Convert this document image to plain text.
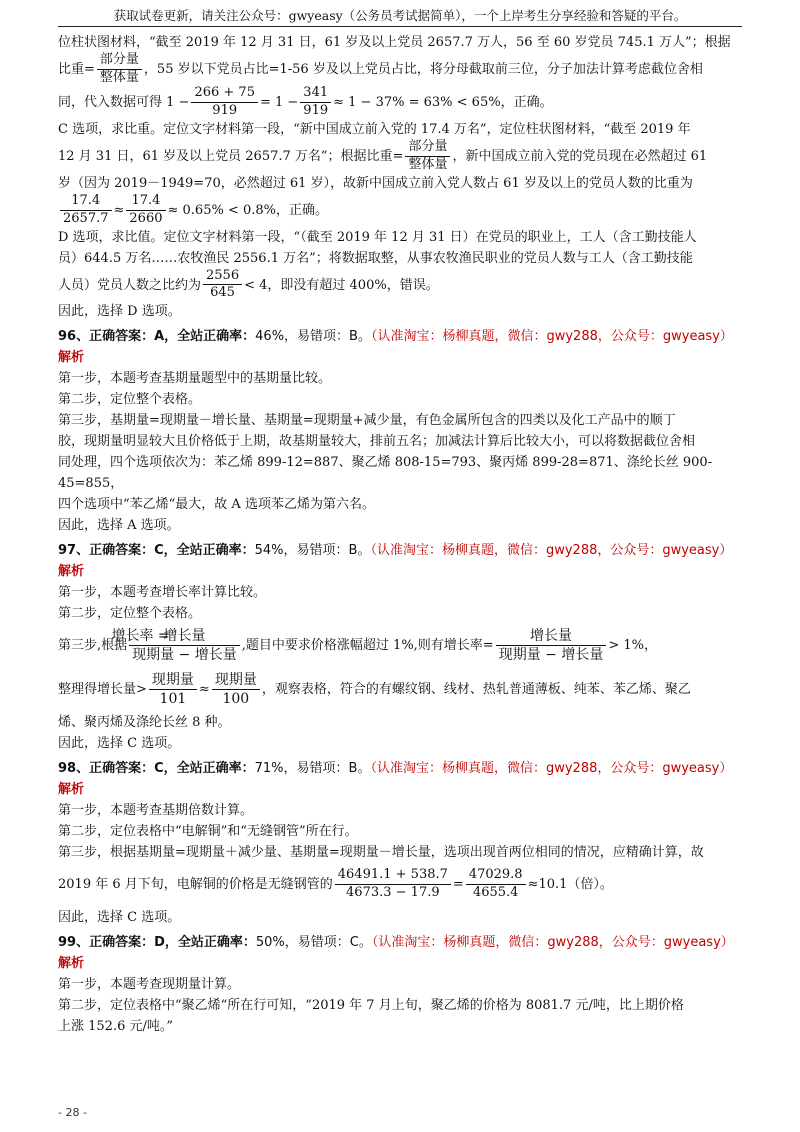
获取试卷更新，请关注公众号：gwyeasy（公务员考试据简单），一个上岸考生分享经验和答疑的平台。

位柱状图材料，“截至 2019 年 12 月 31 日，61 岁及以上党员 2657.7 万人，56 至 60 岁党员 745.1 万人”；根据

比重= $\frac{\text{部分量}}{\text{整体量}}$ ，55 岁以下党员占比=1-56 岁及以上党员占比，将分母截取前三位，分子加法计算考虑截位舍相

同，代入数据可得 $1 - \frac{266 + 75}{919} = 1 - \frac{341}{919} \approx 1 - 37\% = 63\% < 65\%$，正确。

C 选项，求比重。定位文字材料第一段，“新中国成立前入党的 17.4 万名”，定位柱状图材料，“截至 2019 年

12 月 31 日，61 岁及以上党员 2657.7 万名”；根据比重= $\frac{\text{部分量}}{\text{整体量}}$ ，新中国成立前入党的党员现在必然超过 61

岁（因为 2019－1949=70，必然超过 61 岁），故新中国成立前入党人数占 61 岁及以上的党员人数的比重为

$\frac{17.4}{2657.7} \approx \frac{17.4}{2660} \approx 0.65\% < 0.8\%$，正确。

D 选项，求比值。定位文字材料第一段，“（截至 2019 年 12 月 31 日）在党员的职业上，工人（含工勤技能人

员）644.5 万名……农牧渔民 2556.1 万名”；将数据取整，从事农牧渔民职业的党员人数与工人（含工勤技能

人员）党员人数之比约为 $\frac{2556}{645} < 4$，即没有超过 400%，错误。

因此，选择 D 选项。

96、正确答案：A，全站正确率：46%，易错项：B。（认准淘宝：杨柳真题，微信：gwy288，公众号：gwyeasy）

解析

第一步，本题考查基期量题型中的基期量比较。

第二步，定位整个表格。

第三步，基期量=现期量－增长量、基期量=现期量+减少量，有色金属所包含的四类以及化工产品中的顺丁

胶，现期量明显较大且价格低于上期，故基期量较大，排前五名；加减法计算后比较大小，可以将数据截位舍相

同处理，四个选项依次为：苯乙烯 899-12=887、聚乙烯 808-15=793、聚丙烯 899-28=871、涤纶长丝 900-45=855，

四个选项中“苯乙烯“最大，故 A 选项苯乙烯为第六名。

因此，选择 A 选项。

97、正确答案：C，全站正确率：54%，易错项：B。（认准淘宝：杨柳真题，微信：gwy288，公众号：gwyeasy）

解析

第一步，本题考查增长率计算比较。

第二步，定位整个表格。

第三步,根据 增长率 =
增长量
现期量 − 增长量 ,题目中要求价格涨幅超过 1%,则有增长率= $\frac{\text{增长量}}{\text{现期量 − 增长量}} > 1\%$，

整理得增长量> $\frac{\text{现期量}}{101} \approx \frac{\text{现期量}}{100}$ ，观察表格，符合的有螺纹钢、线材、热轧普通薄板、纯苯、苯乙烯、聚乙

烯、聚丙烯及涤纶长丝 8 种。

因此，选择 C 选项。

98、正确答案：C，全站正确率：71%，易错项：B。（认准淘宝：杨柳真题，微信：gwy288，公众号：gwyeasy）

解析

第一步，本题考查基期倍数计算。

第二步，定位表格中“电解铜”和“无缝钢管”所在行。

第三步，根据基期量=现期量＋减少量、基期量=现期量－增长量，选项出现首两位相同的情况，应精确计算，故

2019 年 6 月下旬，电解铜的价格是无缝钢管的 $\frac{46491.1 + 538.7}{4673.3 - 17.9} = \frac{47029.8}{4655.4} \approx 10.1$（倍）。

因此，选择 C 选项。

99、正确答案：D，全站正确率：50%，易错项：C。（认准淘宝：杨柳真题，微信：gwy288，公众号：gwyeasy）

解析

第一步，本题考查现期量计算。

第二步，定位表格中“聚乙烯“所在行可知，“2019 年 7 月上旬，聚乙烯的价格为 8081.7 元/吨，比上期价格

上涨 152.6 元/吨。”

- 28 -
